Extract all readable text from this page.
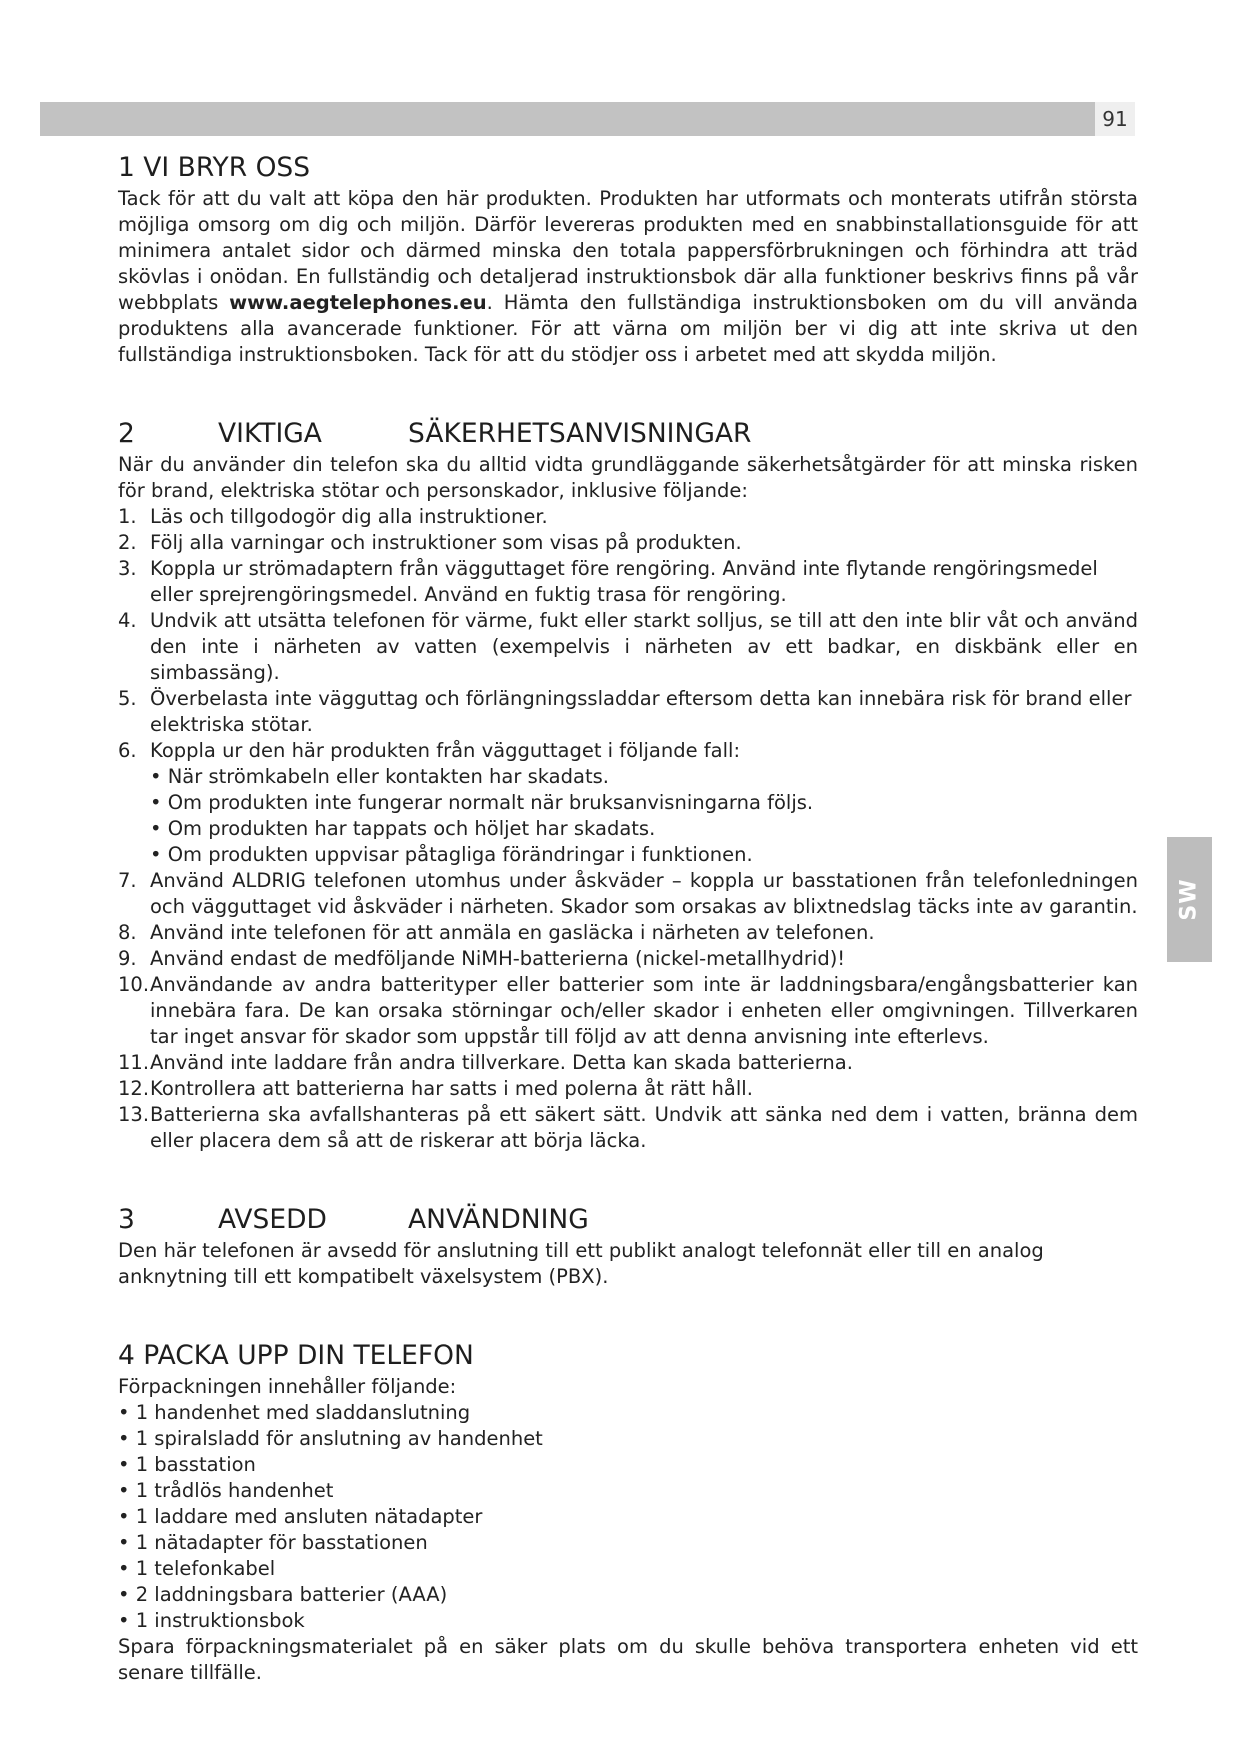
91
SW
1 VI BRYR OSS

Tack för att du valt att köpa den här produkten. Produkten har utformats och monterats utifrån största möjliga omsorg om dig och miljön. Därför levereras produkten med en snabbinstallationsguide för att minimera antalet sidor och därmed minska den totala pappersförbrukningen och förhindra att träd skövlas i onödan. En fullständig och detaljerad instruktionsbok där alla funktioner beskrivs finns på vår webbplats www.aegtelephones.eu. Hämta den fullständiga instruktionsboken om du vill använda produktens alla avancerade funktioner. För att värna om miljön ber vi dig att inte skriva ut den fullständiga instruktionsboken. Tack för att du stödjer oss i arbetet med att skydda miljön.

2	VIKTIGA	SÄKERHETSANVISNINGAR

När du använder din telefon ska du alltid vidta grundläggande säkerhetsåtgärder för att minska risken för brand, elektriska stötar och personskador, inklusive följande:

1. Läs och tillgodogör dig alla instruktioner.
2. Följ alla varningar och instruktioner som visas på produkten.
3. Koppla ur strömadaptern från vägguttaget före rengöring. Använd inte flytande rengöringsmedel eller sprejrengöringsmedel. Använd en fuktig trasa för rengöring.
4. Undvik att utsätta telefonen för värme, fukt eller starkt solljus, se till att den inte blir våt och använd den inte i närheten av vatten (exempelvis i närheten av ett badkar, en diskbänk eller en simbassäng).
5. Överbelasta inte vägguttag och förlängningssladdar eftersom detta kan innebära risk för brand eller elektriska stötar.
6. Koppla ur den här produkten från vägguttaget i följande fall:
• När strömkabeln eller kontakten har skadats.
• Om produkten inte fungerar normalt när bruksanvisningarna följs.
• Om produkten har tappats och höljet har skadats.
• Om produkten uppvisar påtagliga förändringar i funktionen.
7. Använd ALDRIG telefonen utomhus under åskväder – koppla ur basstationen från telefonledningen och vägguttaget vid åskväder i närheten. Skador som orsakas av blixtnedslag täcks inte av garantin.
8. Använd inte telefonen för att anmäla en gasläcka i närheten av telefonen.
9. Använd endast de medföljande NiMH-batterierna (nickel-metallhydrid)!
10. Användande av andra batterityper eller batterier som inte är laddningsbara/engångsbatterier kan innebära fara. De kan orsaka störningar och/eller skador i enheten eller omgivningen. Tillverkaren tar inget ansvar för skador som uppstår till följd av att denna anvisning inte efterlevs.
11. Använd inte laddare från andra tillverkare. Detta kan skada batterierna.
12. Kontrollera att batterierna har satts i med polerna åt rätt håll.
13. Batterierna ska avfallshanteras på ett säkert sätt. Undvik att sänka ned dem i vatten, bränna dem eller placera dem så att de riskerar att börja läcka.
3	AVSEDD	ANVÄNDNING

Den här telefonen är avsedd för anslutning till ett publikt analogt telefonnät eller till en analog anknytning till ett kompatibelt växelsystem (PBX).

4 PACKA UPP DIN TELEFON

Förpackningen innehåller följande:

• 1 handenhet med sladdanslutning
• 1 spiralsladd för anslutning av handenhet
• 1 basstation
• 1 trådlös handenhet
• 1 laddare med ansluten nätadapter
• 1 nätadapter för basstationen
• 1 telefonkabel
• 2 laddningsbara batterier (AAA)
• 1 instruktionsbok

Spara förpackningsmaterialet på en säker plats om du skulle behöva transportera enheten vid ett senare tillfälle.
